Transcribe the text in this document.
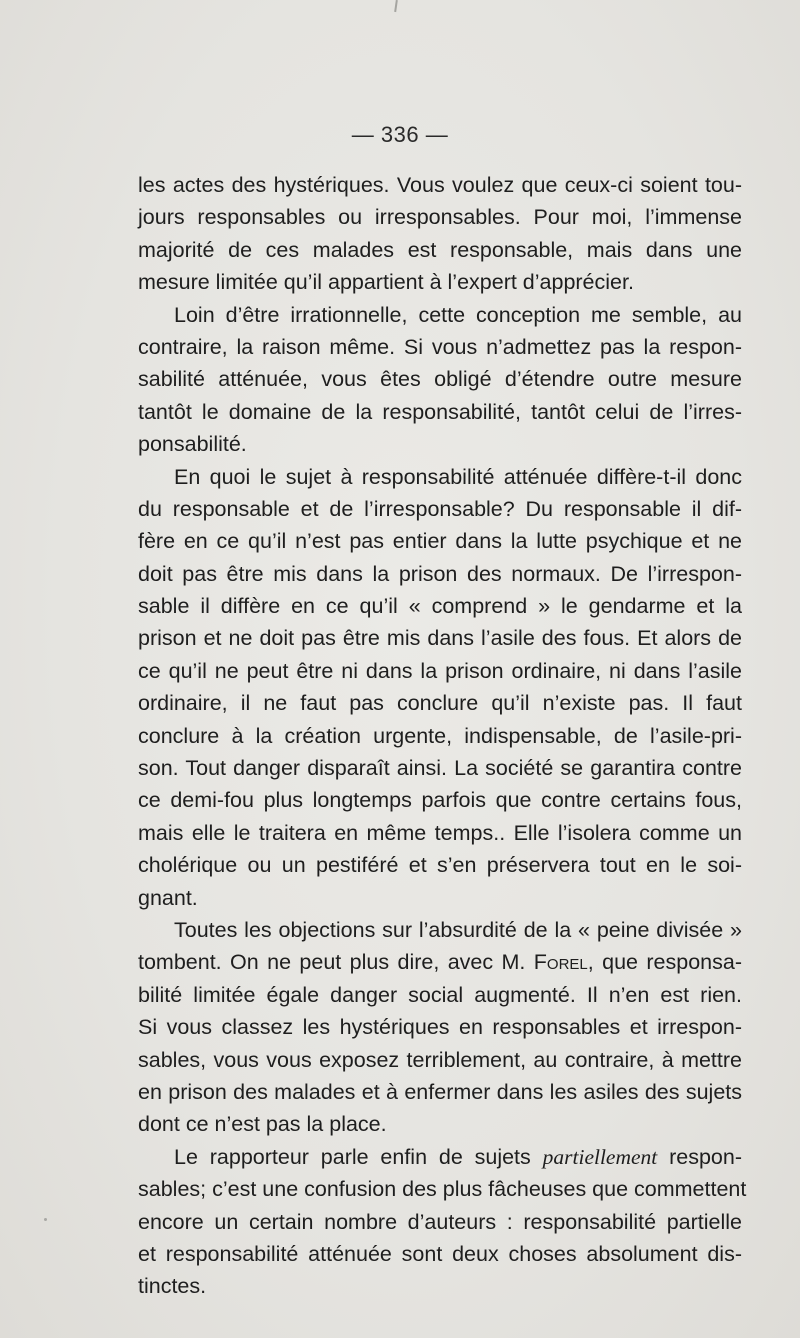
— 336 —
les actes des hystériques. Vous voulez que ceux-ci soient tou-
jours responsables ou irresponsables. Pour moi, l’immense
majorité de ces malades est responsable, mais dans une
mesure limitée qu’il appartient à l’expert d’apprécier.
Loin d’être irrationnelle, cette conception me semble, au
contraire, la raison même. Si vous n’admettez pas la respon-
sabilité atténuée, vous êtes obligé d’étendre outre mesure
tantôt le domaine de la responsabilité, tantôt celui de l’irres-
ponsabilité.
En quoi le sujet à responsabilité atténuée diffère-t-il donc
du responsable et de l’irresponsable? Du responsable il dif-
fère en ce qu’il n’est pas entier dans la lutte psychique et ne
doit pas être mis dans la prison des normaux. De l’irrespon-
sable il diffère en ce qu’il « comprend » le gendarme et la
prison et ne doit pas être mis dans l’asile des fous. Et alors de
ce qu’il ne peut être ni dans la prison ordinaire, ni dans l’asile
ordinaire, il ne faut pas conclure qu’il n’existe pas. Il faut
conclure à la création urgente, indispensable, de l’asile-pri-
son. Tout danger disparaît ainsi. La société se garantira contre
ce demi-fou plus longtemps parfois que contre certains fous,
mais elle le traitera en même temps.. Elle l’isolera comme un
cholérique ou un pestiféré et s’en préservera tout en le soi-
gnant.
Toutes les objections sur l’absurdité de la « peine divisée »
tombent. On ne peut plus dire, avec M. Forel, que responsa-
bilité limitée égale danger social augmenté. Il n’en est rien.
Si vous classez les hystériques en responsables et irrespon-
sables, vous vous exposez terriblement, au contraire, à mettre
en prison des malades et à enfermer dans les asiles des sujets
dont ce n’est pas la place.
Le rapporteur parle enfin de sujets partiellement respon-
sables; c’est une confusion des plus fâcheuses que commettent
encore un certain nombre d’auteurs : responsabilité partielle
et responsabilité atténuée sont deux choses absolument dis-
tinctes.
